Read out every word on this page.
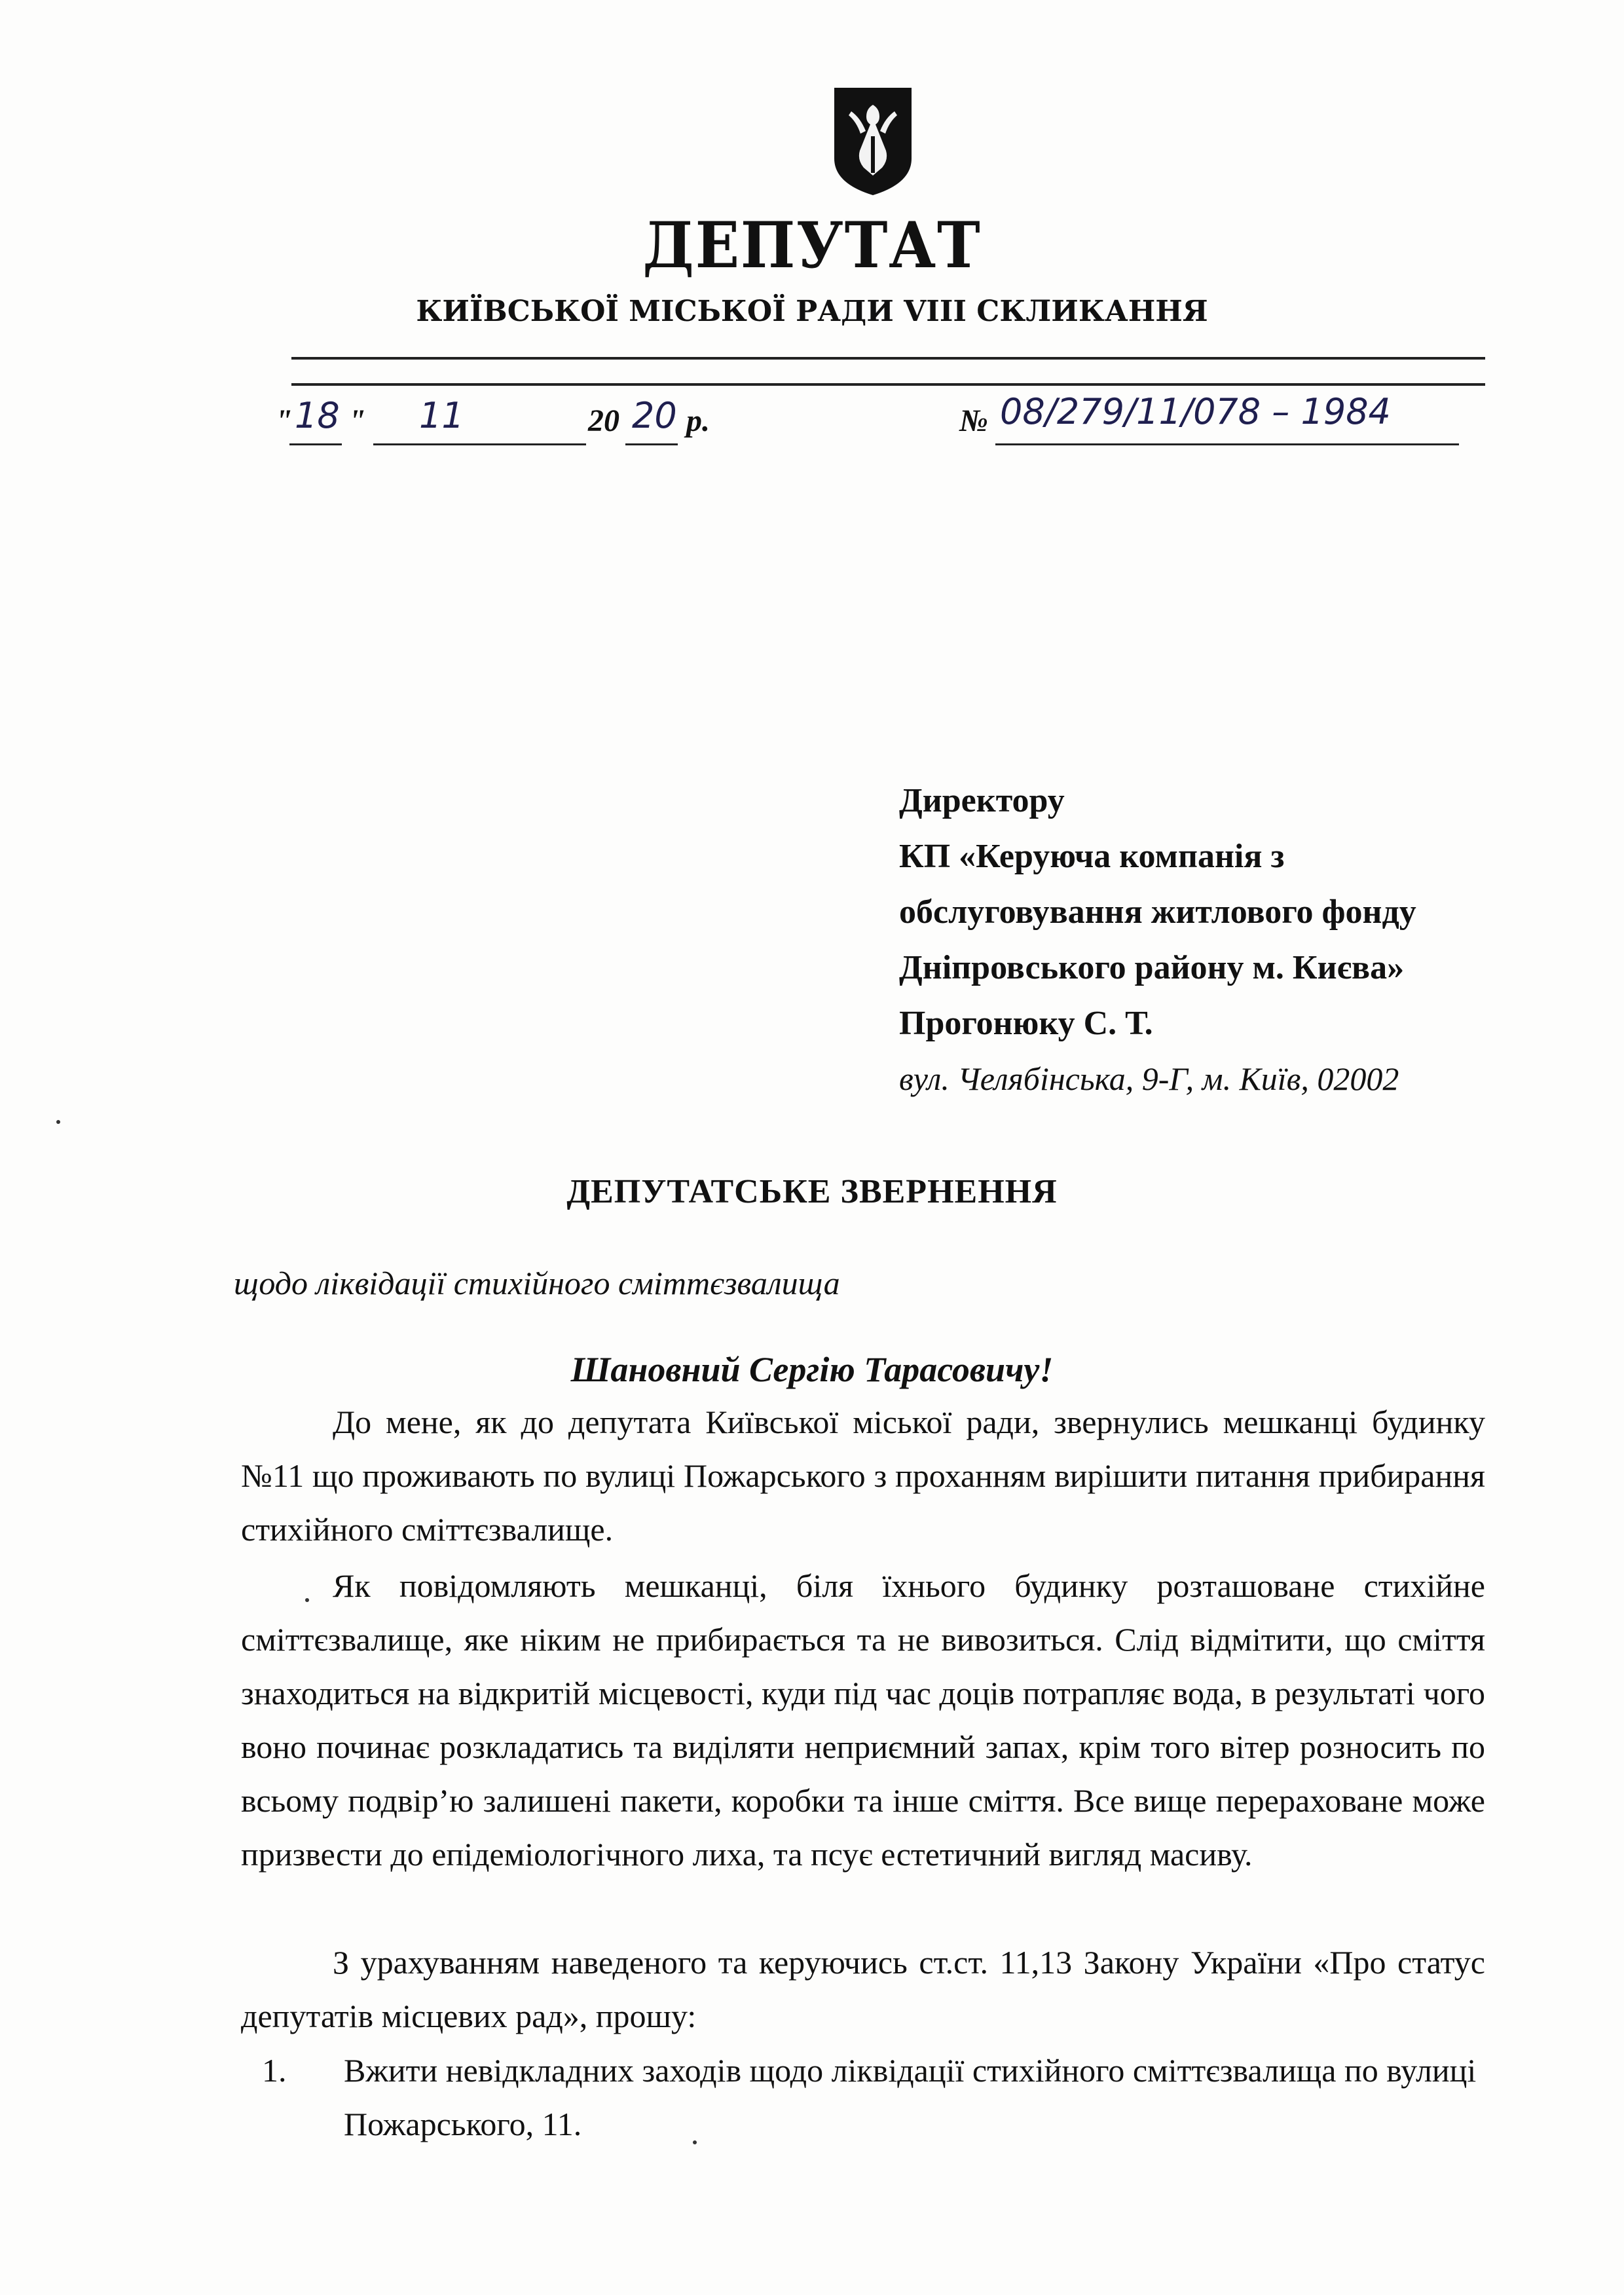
ДЕПУТАТ
КИЇВСЬКОЇ МІСЬКОЇ РАДИ VIII СКЛИКАННЯ
" 18 " 11	20 20 р.	№ 08/279/11/078 – 1984
Директору
КП «Керуюча компанія з
обслуговування житлового фонду
Дніпровського району м. Києва»
Прогонюку С. Т.
вул. Челябінська, 9-Г, м. Київ, 02002
ДЕПУТАТСЬКЕ ЗВЕРНЕННЯ
щодо ліквідації стихійного сміттєзвалища
Шановний Сергію Тарасовичу!
До мене, як до депутата Київської міської ради, звернулись мешканці будинку №11 що проживають по вулиці Пожарського з проханням вирішити питання прибирання стихійного сміттєзвалище.
Як повідомляють мешканці, біля їхнього будинку розташоване стихійне сміттєзвалище, яке ніким не прибирається та не вивозиться. Слід відмітити, що сміття знаходиться на відкритій місцевості, куди під час доців потрапляє вода, в результаті чого воно починає розкладатись та виділяти неприємний запах, крім того вітер розносить по всьому подвір’ю залишені пакети, коробки та інше сміття. Все вище перераховане може призвести до епідеміологічного лиха, та псує естетичний вигляд масиву.
З урахуванням наведеного та керуючись ст.ст. 11,13 Закону України «Про статус депутатів місцевих рад», прошу:
1. Вжити невідкладних заходів щодо ліквідації стихійного сміттєзвалища по вулиці Пожарського, 11.
